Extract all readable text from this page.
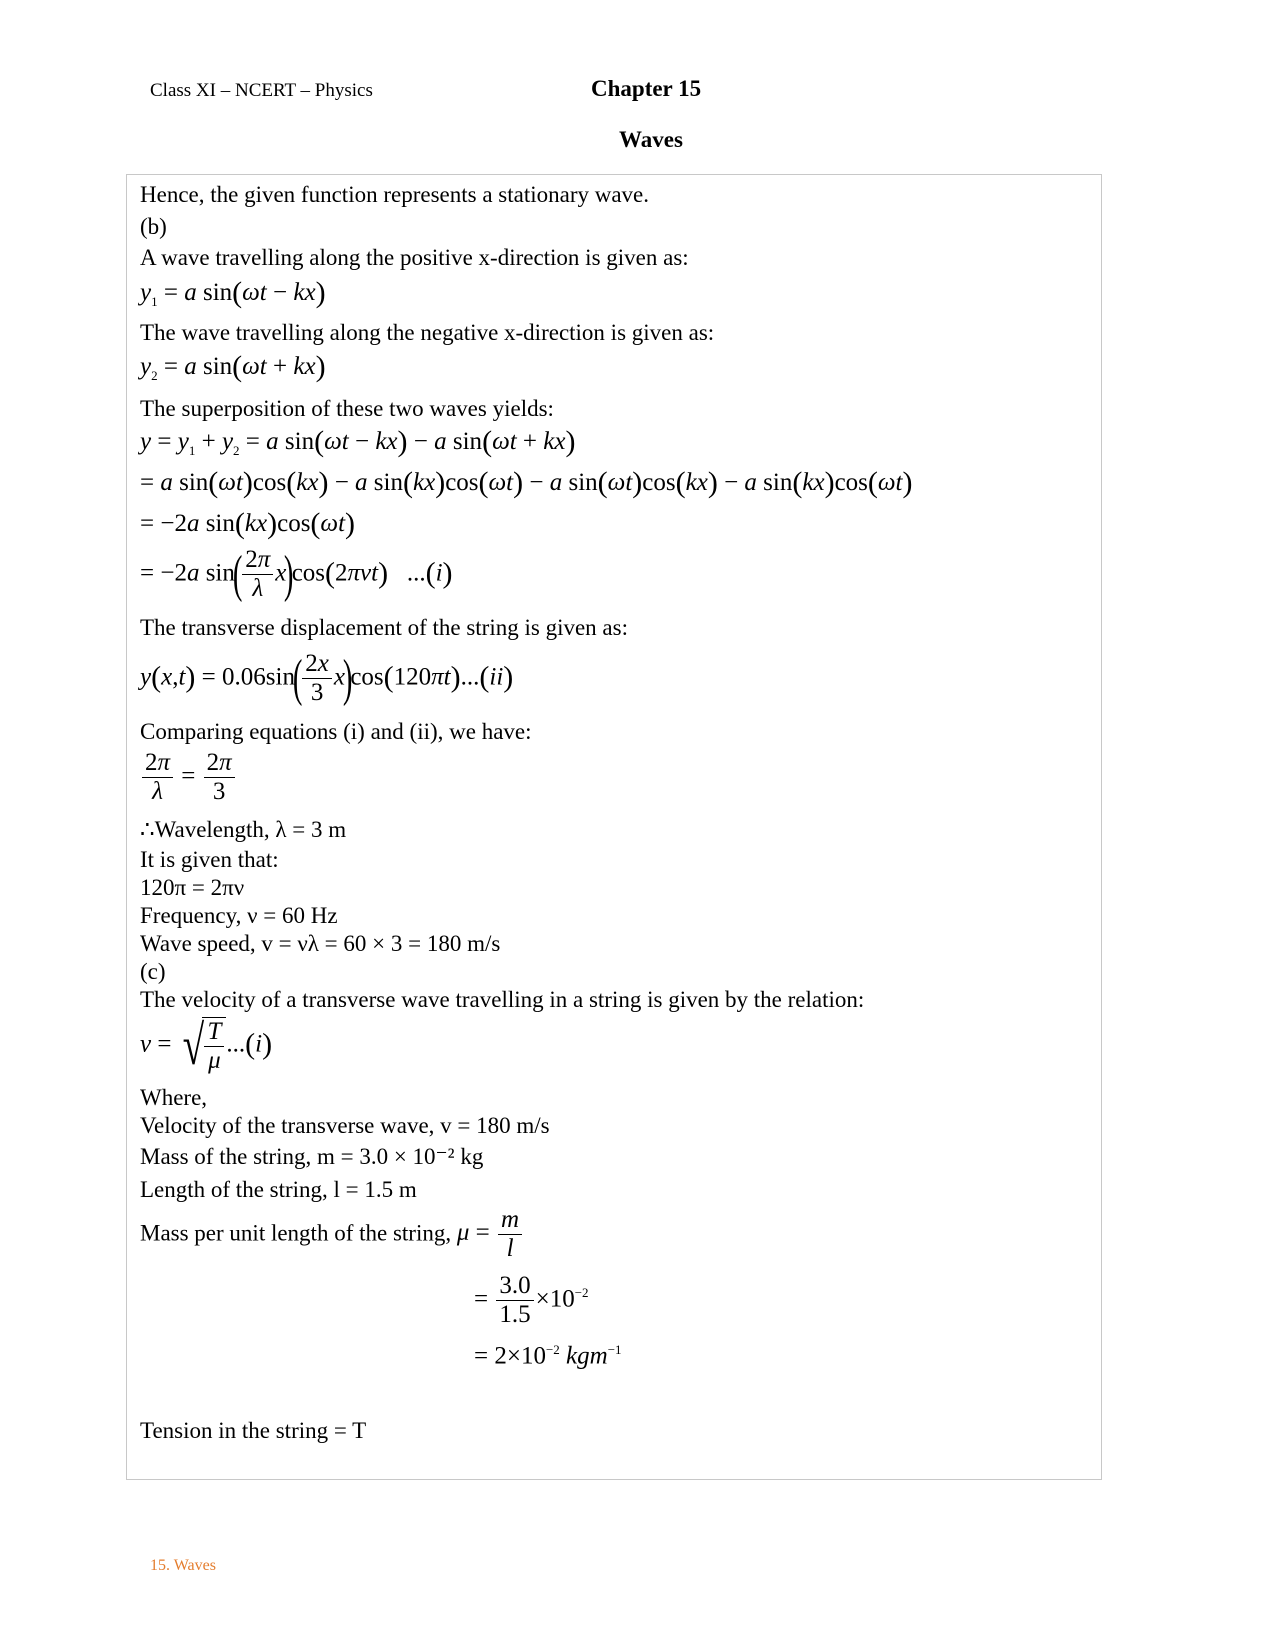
Class XI – NCERT – Physics	Chapter 15
Waves
Hence, the given function represents a stationary wave.
(b)
A wave travelling along the positive x-direction is given as:
$y_1 = a$ sin(ωt − kx)
The wave travelling along the negative x-direction is given as:
$y_2 = a$ sin(ωt + kx)
The superposition of these two waves yields:
$y = y_1 + y_2 = a$ sin(ωt − kx) − a sin(ωt + kx)
= a sin(ωt)cos(kx) − a sin(kx)cos(ωt) − a sin(ωt)cos(kx) − a sin(kx)cos(ωt)
= −2a sin(kx)cos(ωt)
= −2a $\sin( \frac{2\pi}{\lambda} x)\cos(2\pi\nu t)$   ...(i)
The transverse displacement of the string is given as:
$y(x,t) = 0.06\sin( \frac{2x}{3} x)\cos(120\pi t)...(ii)$
Comparing equations (i) and (ii), we have:
$\frac{2\pi}{\lambda} = \frac{2\pi}{3}$
∴Wavelength, λ = 3 m
It is given that:
120π = 2πν
Frequency, ν = 60 Hz
Wave speed, v = νλ = 60 × 3 = 180 m/s
(c)
The velocity of a transverse wave travelling in a string is given by the relation:
v = √ $\frac{T}{\mu} ...(i)$
Where,
Velocity of the transverse wave, v = 180 m/s
Mass of the string, m = 3.0 × 10⁻² kg
Length of the string, l = 1.5 m
Mass per unit length of the string, $\mu = \frac{m}{l}$
= $\frac{3.0}{1.5} \times 10^{-2}$
= $2\times 10^{-2}$ kgm$^{-1}$
Tension in the string = T
15. Waves
